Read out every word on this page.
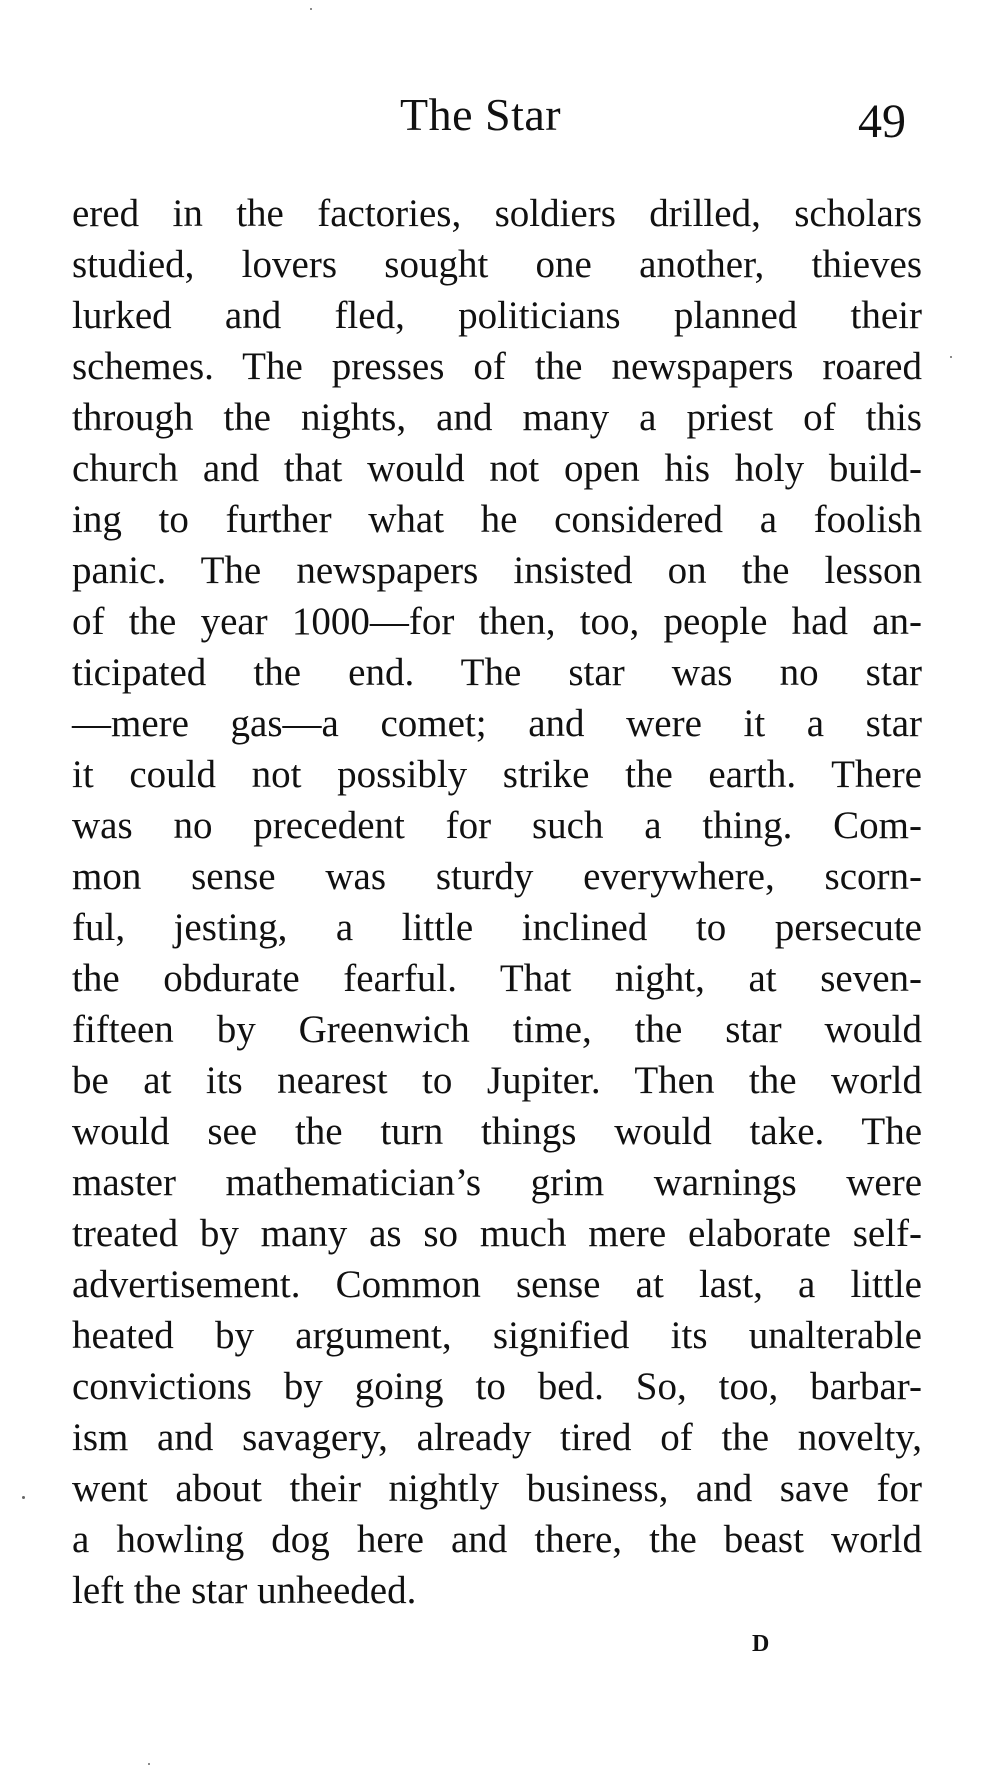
The Star	49
ered in the factories, soldiers drilled, scholars
studied, lovers sought one another, thieves
lurked and fled, politicians planned their
schemes. The presses of the newspapers roared
through the nights, and many a priest of this
church and that would not open his holy build-
ing to further what he considered a foolish
panic. The newspapers insisted on the lesson
of the year 1000—for then, too, people had an-
ticipated the end. The star was no star
—mere gas—a comet; and were it a star
it could not possibly strike the earth. There
was no precedent for such a thing. Com-
mon sense was sturdy everywhere, scorn-
ful, jesting, a little inclined to persecute
the obdurate fearful. That night, at seven-
fifteen by Greenwich time, the star would
be at its nearest to Jupiter. Then the world
would see the turn things would take. The
master mathematician’s grim warnings were
treated by many as so much mere elaborate self-
advertisement. Common sense at last, a little
heated by argument, signified its unalterable
convictions by going to bed. So, too, barbar-
ism and savagery, already tired of the novelty,
went about their nightly business, and save for
a howling dog here and there, the beast world
left the star unheeded.
D
